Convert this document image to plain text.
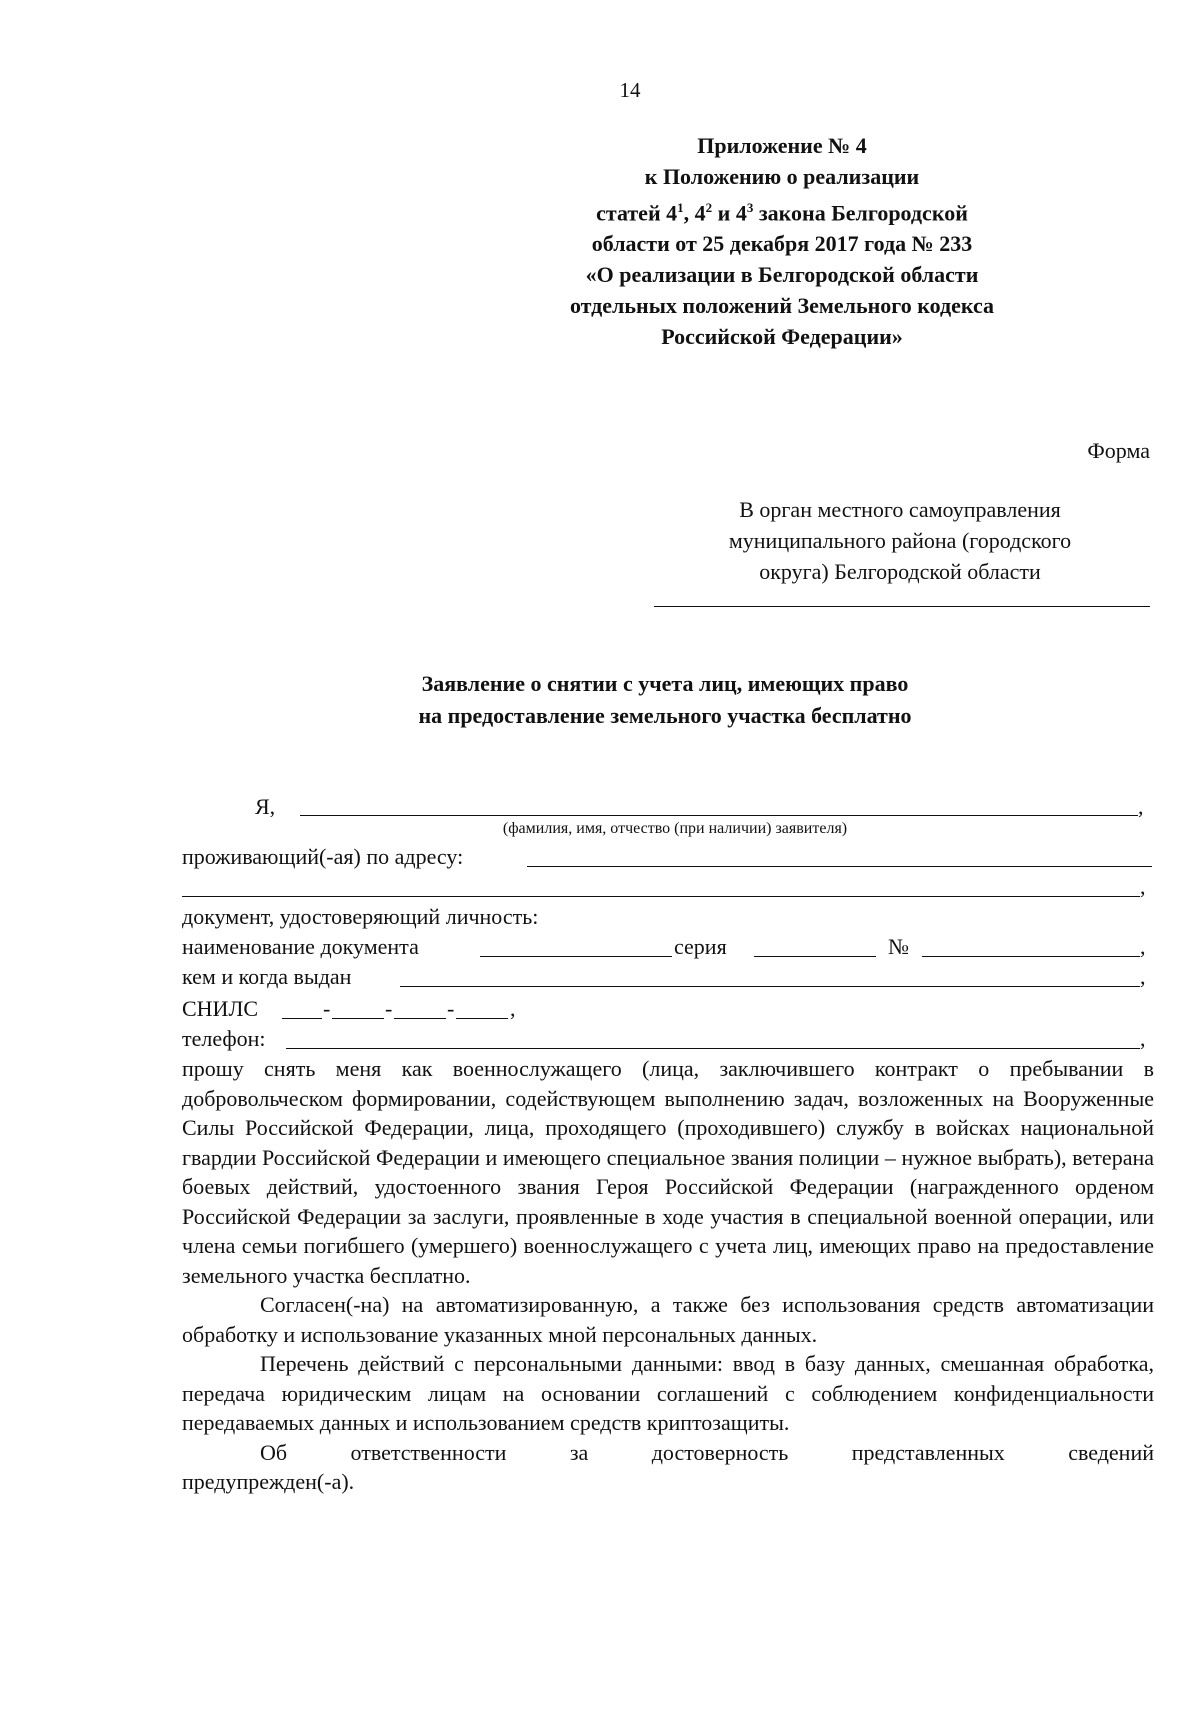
14
Приложение № 4
к Положению о реализации
статей $4^1$, $4^2$ и $4^3$ закона Белгородской
области от 25 декабря 2017 года № 233
«О реализации в Белгородской области
отдельных положений Земельного кодекса
Российской Федерации»
Форма
В орган местного самоуправления
муниципального района (городского
округа) Белгородской области
Заявление о снятии с учета лиц, имеющих право
на предоставление земельного участка бесплатно
Я,	,
(фамилия, имя, отчество (при наличии) заявителя)
проживающий(-ая) по адресу:
,
документ, удостоверяющий личность:
наименование документа	серия	№	,
кем и когда выдан	,
СНИЛС	- - -	,
телефон:	,

прошу снять меня как военнослужащего (лица, заключившего контракт о пребывании в добровольческом формировании, содействующем выполнению задач, возложенных на Вооруженные Силы Российской Федерации, лица, проходящего (проходившего) службу в войсках национальной гвардии Российской Федерации и имеющего специальное звания полиции – нужное выбрать), ветерана боевых действий, удостоенного звания Героя Российской Федерации (награжденного орденом Российской Федерации за заслуги, проявленные в ходе участия в специальной военной операции, или члена семьи погибшего (умершего) военнослужащего с учета лиц, имеющих право на предоставление земельного участка бесплатно.

Согласен(-на) на автоматизированную, а также без использования средств автоматизации обработку и использование указанных мной персональных данных.

Перечень действий с персональными данными: ввод в базу данных, смешанная обработка, передача юридическим лицам на основании соглашений с соблюдением конфиденциальности передаваемых данных и использованием средств криптозащиты.

Об ответственности за достоверность представленных сведений

предупрежден(-а).
